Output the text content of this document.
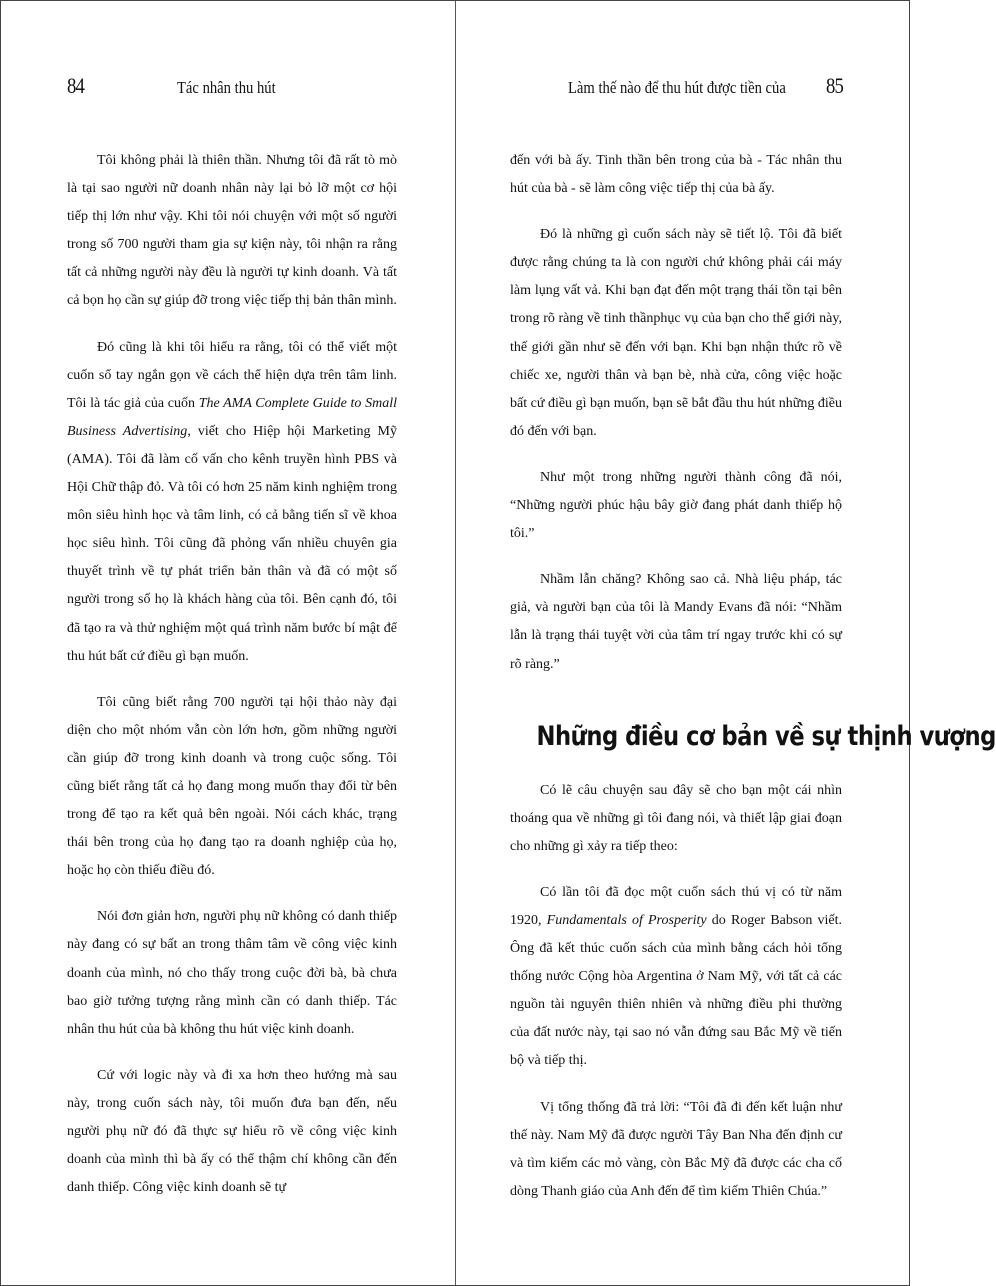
84	Tác nhân thu hút

Tôi không phải là thiên thần. Nhưng tôi đã rất tò mò là tại sao người nữ doanh nhân này lại bỏ lỡ một cơ hội tiếp thị lớn như vậy. Khi tôi nói chuyện với một số người trong số 700 người tham gia sự kiện này, tôi nhận ra rằng tất cả những người này đều là người tự kinh doanh. Và tất cả bọn họ cần sự giúp đỡ trong việc tiếp thị bản thân mình.

Đó cũng là khi tôi hiểu ra rằng, tôi có thể viết một cuốn sổ tay ngắn gọn về cách thể hiện dựa trên tâm linh. Tôi là tác giả của cuốn The AMA Complete Guide to Small Business Advertising, viết cho Hiệp hội Marketing Mỹ (AMA). Tôi đã làm cố vấn cho kênh truyền hình PBS và Hội Chữ thập đỏ. Và tôi có hơn 25 năm kinh nghiệm trong môn siêu hình học và tâm linh, có cả bằng tiến sĩ về khoa học siêu hình. Tôi cũng đã phỏng vấn nhiều chuyên gia thuyết trình về tự phát triển bản thân và đã có một số người trong số họ là khách hàng của tôi. Bên cạnh đó, tôi đã tạo ra và thử nghiệm một quá trình năm bước bí mật để thu hút bất cứ điều gì bạn muốn.

Tôi cũng biết rằng 700 người tại hội thảo này đại diện cho một nhóm vẫn còn lớn hơn, gồm những người cần giúp đỡ trong kinh doanh và trong cuộc sống. Tôi cũng biết rằng tất cả họ đang mong muốn thay đổi từ bên trong để tạo ra kết quả bên ngoài. Nói cách khác, trạng thái bên trong của họ đang tạo ra doanh nghiệp của họ, hoặc họ còn thiếu điều đó.

Nói đơn giản hơn, người phụ nữ không có danh thiếp này đang có sự bất an trong thâm tâm về công việc kinh doanh của mình, nó cho thấy trong cuộc đời bà, bà chưa bao giờ tưởng tượng rằng mình cần có danh thiếp. Tác nhân thu hút của bà không thu hút việc kinh doanh.

Cứ với logic này và đi xa hơn theo hướng mà sau này, trong cuốn sách này, tôi muốn đưa bạn đến, nếu người phụ nữ đó đã thực sự hiểu rõ về công việc kinh doanh của mình thì bà ấy có thể thậm chí không cần đến danh thiếp. Công việc kinh doanh sẽ tự

Làm thế nào để thu hút được tiền của 85

đến với bà ấy. Tinh thần bên trong của bà - Tác nhân thu hút của bà - sẽ làm công việc tiếp thị của bà ấy.

Đó là những gì cuốn sách này sẽ tiết lộ. Tôi đã biết được rằng chúng ta là con người chứ không phải cái máy làm lụng vất vả. Khi bạn đạt đến một trạng thái tồn tại bên trong rõ ràng về tinh thầnphục vụ của bạn cho thế giới này, thế giới gần như sẽ đến với bạn. Khi bạn nhận thức rõ về chiếc xe, người thân và bạn bè, nhà cửa, công việc hoặc bất cứ điều gì bạn muốn, bạn sẽ bắt đầu thu hút những điều đó đến với bạn.

Như một trong những người thành công đã nói, “Những người phúc hậu bây giờ đang phát danh thiếp hộ tôi.”

Nhầm lẫn chăng? Không sao cả. Nhà liệu pháp, tác giả, và người bạn của tôi là Mandy Evans đã nói: “Nhầm lẫn là trạng thái tuyệt vời của tâm trí ngay trước khi có sự rõ ràng.”

Những điều cơ bản về sự thịnh vượng

Có lẽ câu chuyện sau đây sẽ cho bạn một cái nhìn thoáng qua về những gì tôi đang nói, và thiết lập giai đoạn cho những gì xảy ra tiếp theo:

Có lần tôi đã đọc một cuốn sách thú vị có từ năm 1920, Fundamentals of Prosperity do Roger Babson viết. Ông đã kết thúc cuốn sách của mình bằng cách hỏi tổng thống nước Cộng hòa Argentina ở Nam Mỹ, với tất cả các nguồn tài nguyên thiên nhiên và những điều phi thường của đất nước này, tại sao nó vẫn đứng sau Bắc Mỹ về tiến bộ và tiếp thị.

Vị tổng thống đã trả lời: “Tôi đã đi đến kết luận như thế này. Nam Mỹ đã được người Tây Ban Nha đến định cư và tìm kiếm các mỏ vàng, còn Bắc Mỹ đã được các cha cố dòng Thanh giáo của Anh đến để tìm kiếm Thiên Chúa.”
